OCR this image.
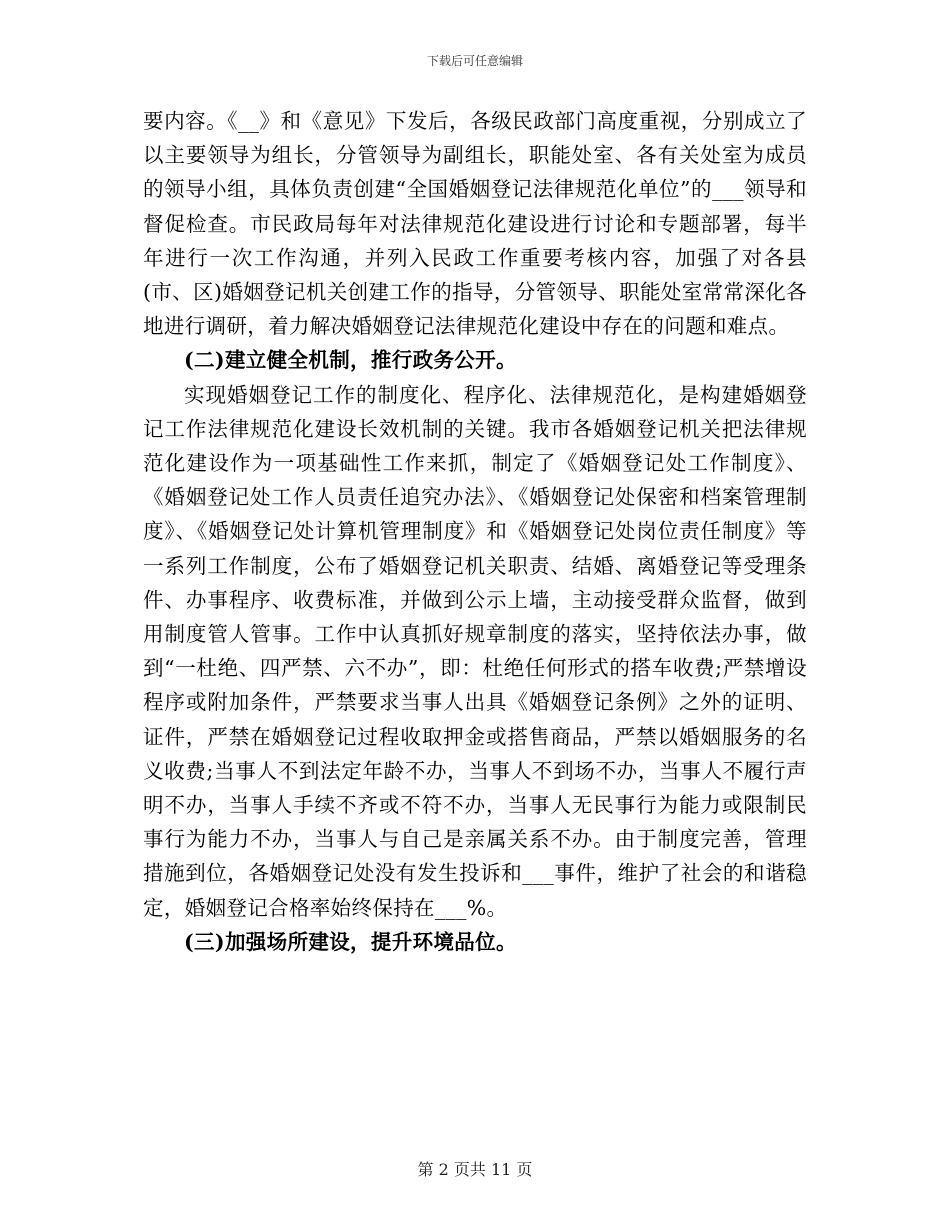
下载后可任意编辑

要内容。《__》和《意见》下发后，各级民政部门高度重视，分别成立了以主要领导为组长，分管领导为副组长，职能处室、各有关处室为成员的领导小组，具体负责创建“全国婚姻登记法律规范化单位”的___领导和督促检查。市民政局每年对法律规范化建设进行讨论和专题部署，每半年进行一次工作沟通，并列入民政工作重要考核内容，加强了对各县(市、区)婚姻登记机关创建工作的指导，分管领导、职能处室常常深化各地进行调研，着力解决婚姻登记法律规范化建设中存在的问题和难点。

(二)建立健全机制，推行政务公开。

实现婚姻登记工作的制度化、程序化、法律规范化，是构建婚姻登记工作法律规范化建设长效机制的关键。我市各婚姻登记机关把法律规范化建设作为一项基础性工作来抓，制定了《婚姻登记处工作制度》、《婚姻登记处工作人员责任追究办法》、《婚姻登记处保密和档案管理制度》、《婚姻登记处计算机管理制度》和《婚姻登记处岗位责任制度》等一系列工作制度，公布了婚姻登记机关职责、结婚、离婚登记等受理条件、办事程序、收费标准，并做到公示上墙，主动接受群众监督，做到用制度管人管事。工作中认真抓好规章制度的落实，坚持依法办事，做到“一杜绝、四严禁、六不办”，即：杜绝任何形式的搭车收费;严禁增设程序或附加条件，严禁要求当事人出具《婚姻登记条例》之外的证明、证件，严禁在婚姻登记过程收取押金或搭售商品，严禁以婚姻服务的名义收费;当事人不到法定年龄不办，当事人不到场不办，当事人不履行声明不办，当事人手续不齐或不符不办，当事人无民事行为能力或限制民事行为能力不办，当事人与自己是亲属关系不办。由于制度完善，管理措施到位，各婚姻登记处没有发生投诉和___事件，维护了社会的和谐稳定，婚姻登记合格率始终保持在___%。

(三)加强场所建设，提升环境品位。
第 2 页共 11 页
